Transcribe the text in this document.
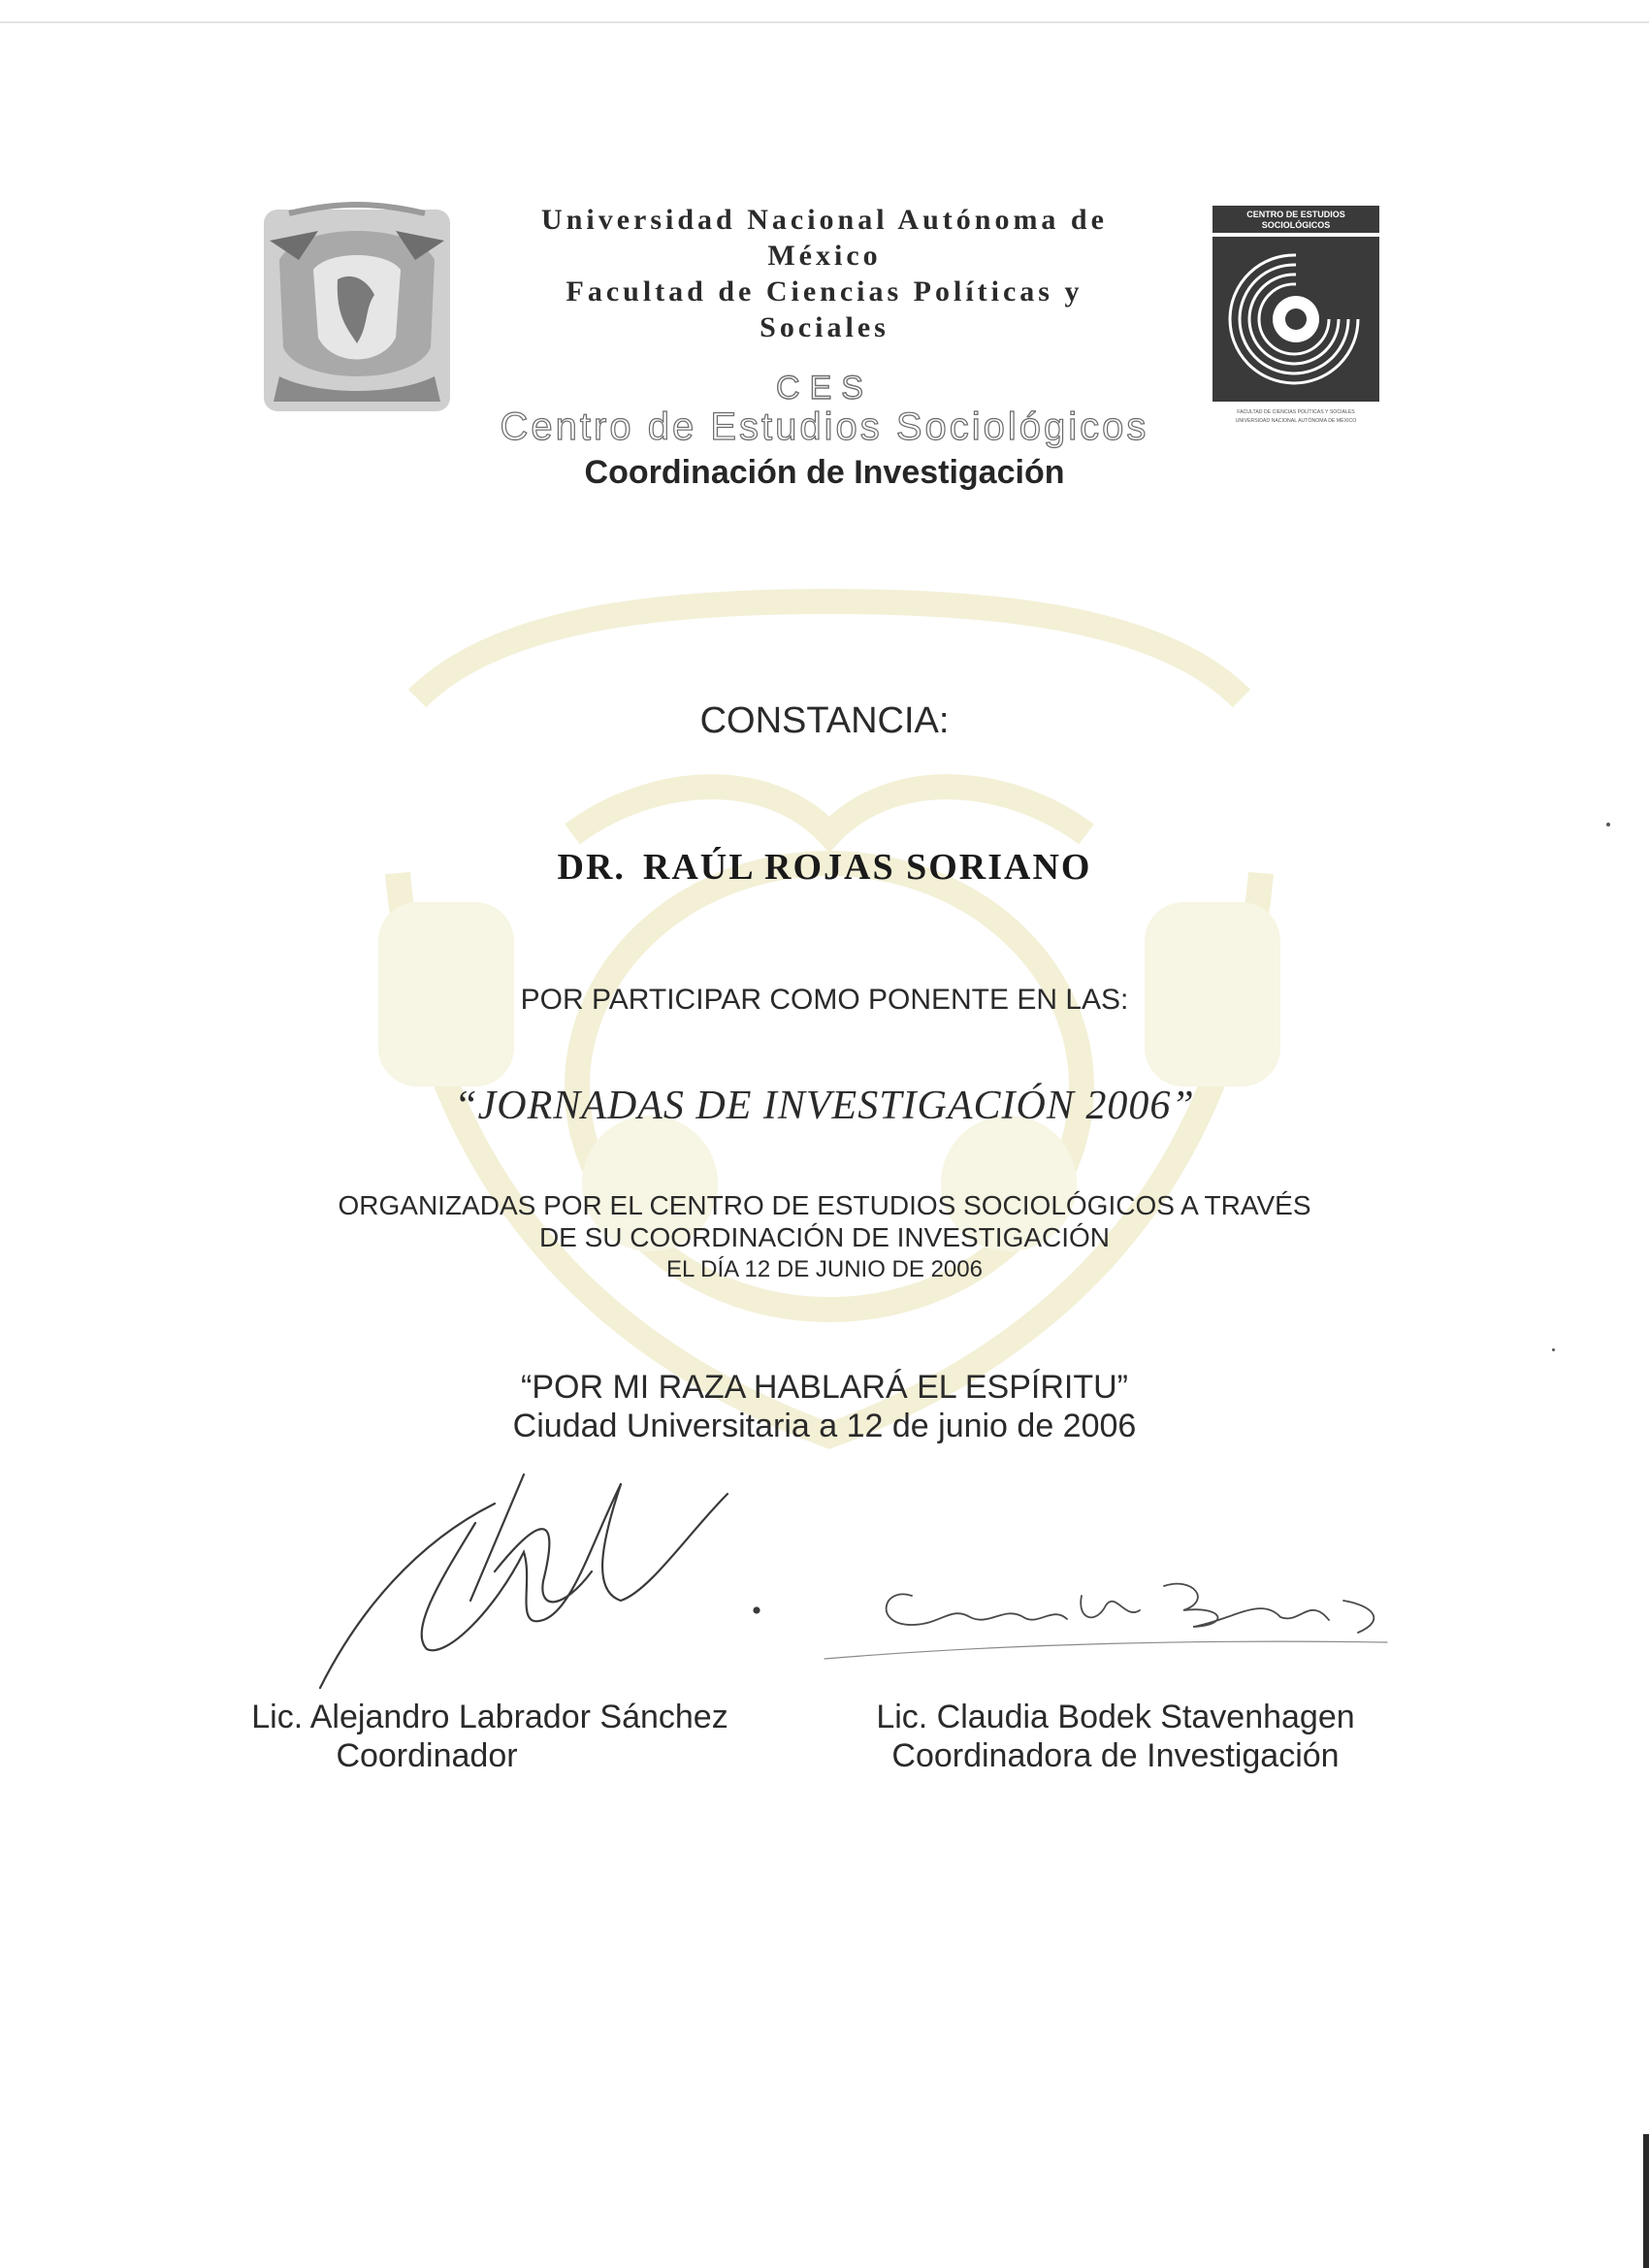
Universidad Nacional Autónoma de
México
Facultad de Ciencias Políticas y
Sociales
CES
Centro de Estudios Sociológicos
Coordinación de Investigación
CENTRO DE ESTUDIOS
SOCIOLÓGICOS
FACULTAD DE CIENCIAS POLÍTICAS Y SOCIALES
UNIVERSIDAD NACIONAL AUTÓNOMA DE MÉXICO
CONSTANCIA:
DR. RAÚL ROJAS SORIANO
POR PARTICIPAR COMO PONENTE EN LAS:
“JORNADAS DE INVESTIGACIÓN 2006”
ORGANIZADAS POR EL CENTRO DE ESTUDIOS SOCIOLÓGICOS A TRAVÉS
DE SU COORDINACIÓN DE INVESTIGACIÓN
EL DÍA 12 DE JUNIO DE 2006
“POR MI RAZA HABLARÁ EL ESPÍRITU”
Ciudad Universitaria a 12 de junio de 2006
Lic. Alejandro Labrador Sánchez
Coordinador
Lic. Claudia Bodek Stavenhagen
Coordinadora de Investigación
